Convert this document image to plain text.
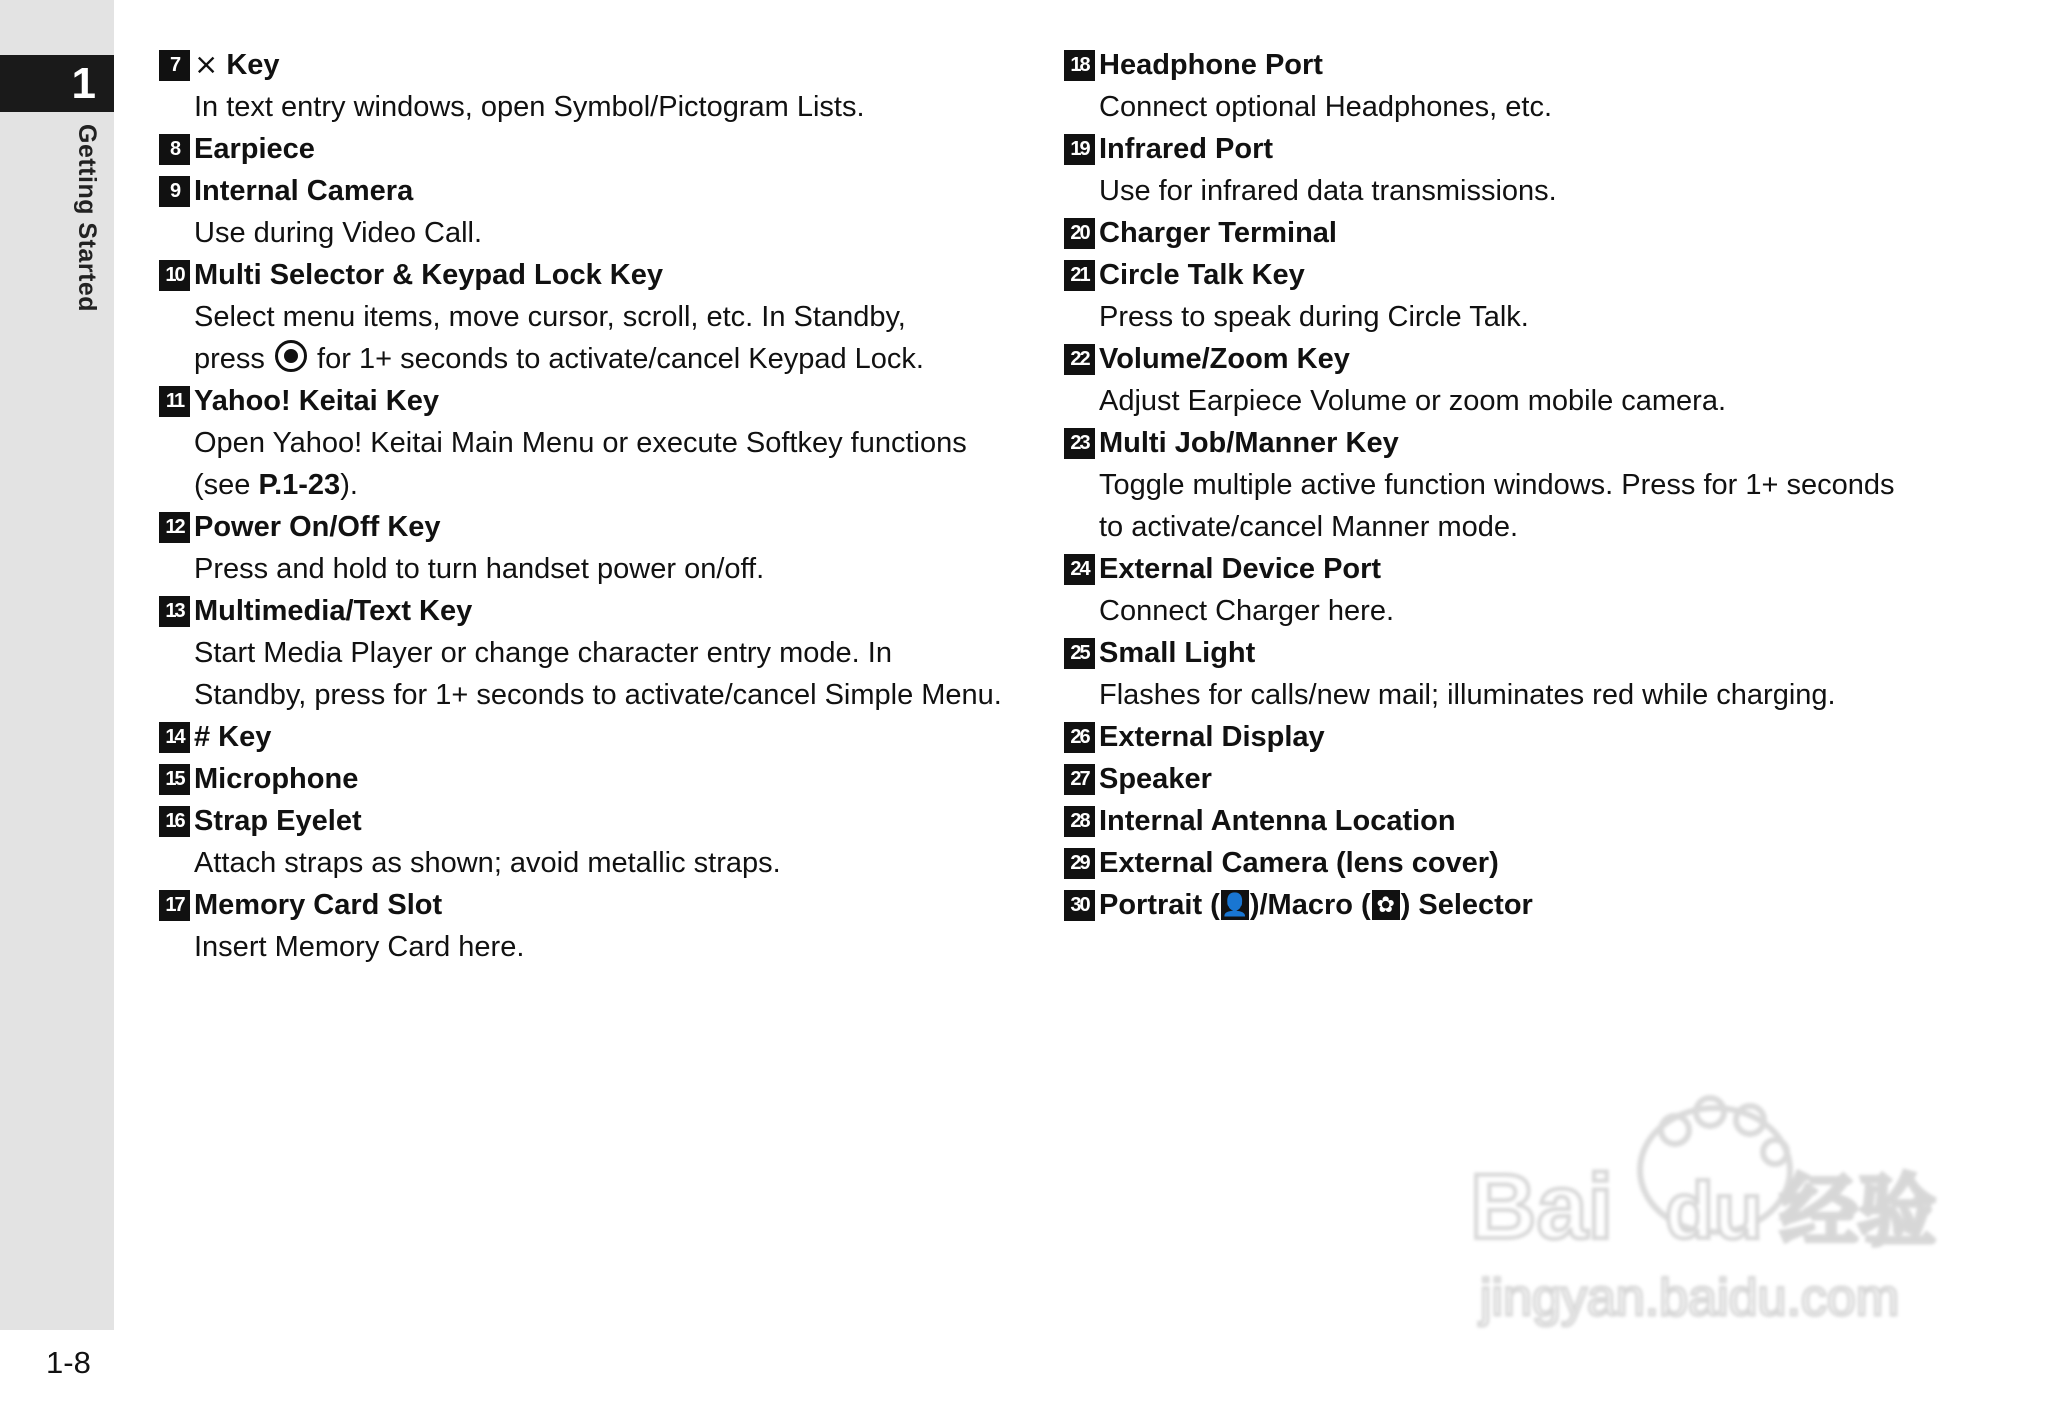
1
Getting Started
7 ⨯ Key
In text entry windows, open Symbol/Pictogram Lists.
8 Earpiece
9 Internal Camera
Use during Video Call.
10 Multi Selector & Keypad Lock Key
Select menu items, move cursor, scroll, etc. In Standby,
press for 1+ seconds to activate/cancel Keypad Lock.
11 Yahoo! Keitai Key
Open Yahoo! Keitai Main Menu or execute Softkey functions
(see P.1-23).
12 Power On/Off Key
Press and hold to turn handset power on/off.
13 Multimedia/Text Key
Start Media Player or change character entry mode. In
Standby, press for 1+ seconds to activate/cancel Simple Menu.
14 # Key
15 Microphone
16 Strap Eyelet
Attach straps as shown; avoid metallic straps.
17 Memory Card Slot
Insert Memory Card here.
18 Headphone Port
Connect optional Headphones, etc.
19 Infrared Port
Use for infrared data transmissions.
20 Charger Terminal
21 Circle Talk Key
Press to speak during Circle Talk.
22 Volume/Zoom Key
Adjust Earpiece Volume or zoom mobile camera.
23 Multi Job/Manner Key
Toggle multiple active function windows. Press for 1+ seconds
to activate/cancel Manner mode.
24 External Device Port
Connect Charger here.
25 Small Light
Flashes for calls/new mail; illuminates red while charging.
26 External Display
27 Speaker
28 Internal Antenna Location
29 External Camera (lens cover)
30 Portrait ( 👤 )/Macro ( ✿ ) Selector
1-8
Bai du 经验
jingyan.baidu.com
